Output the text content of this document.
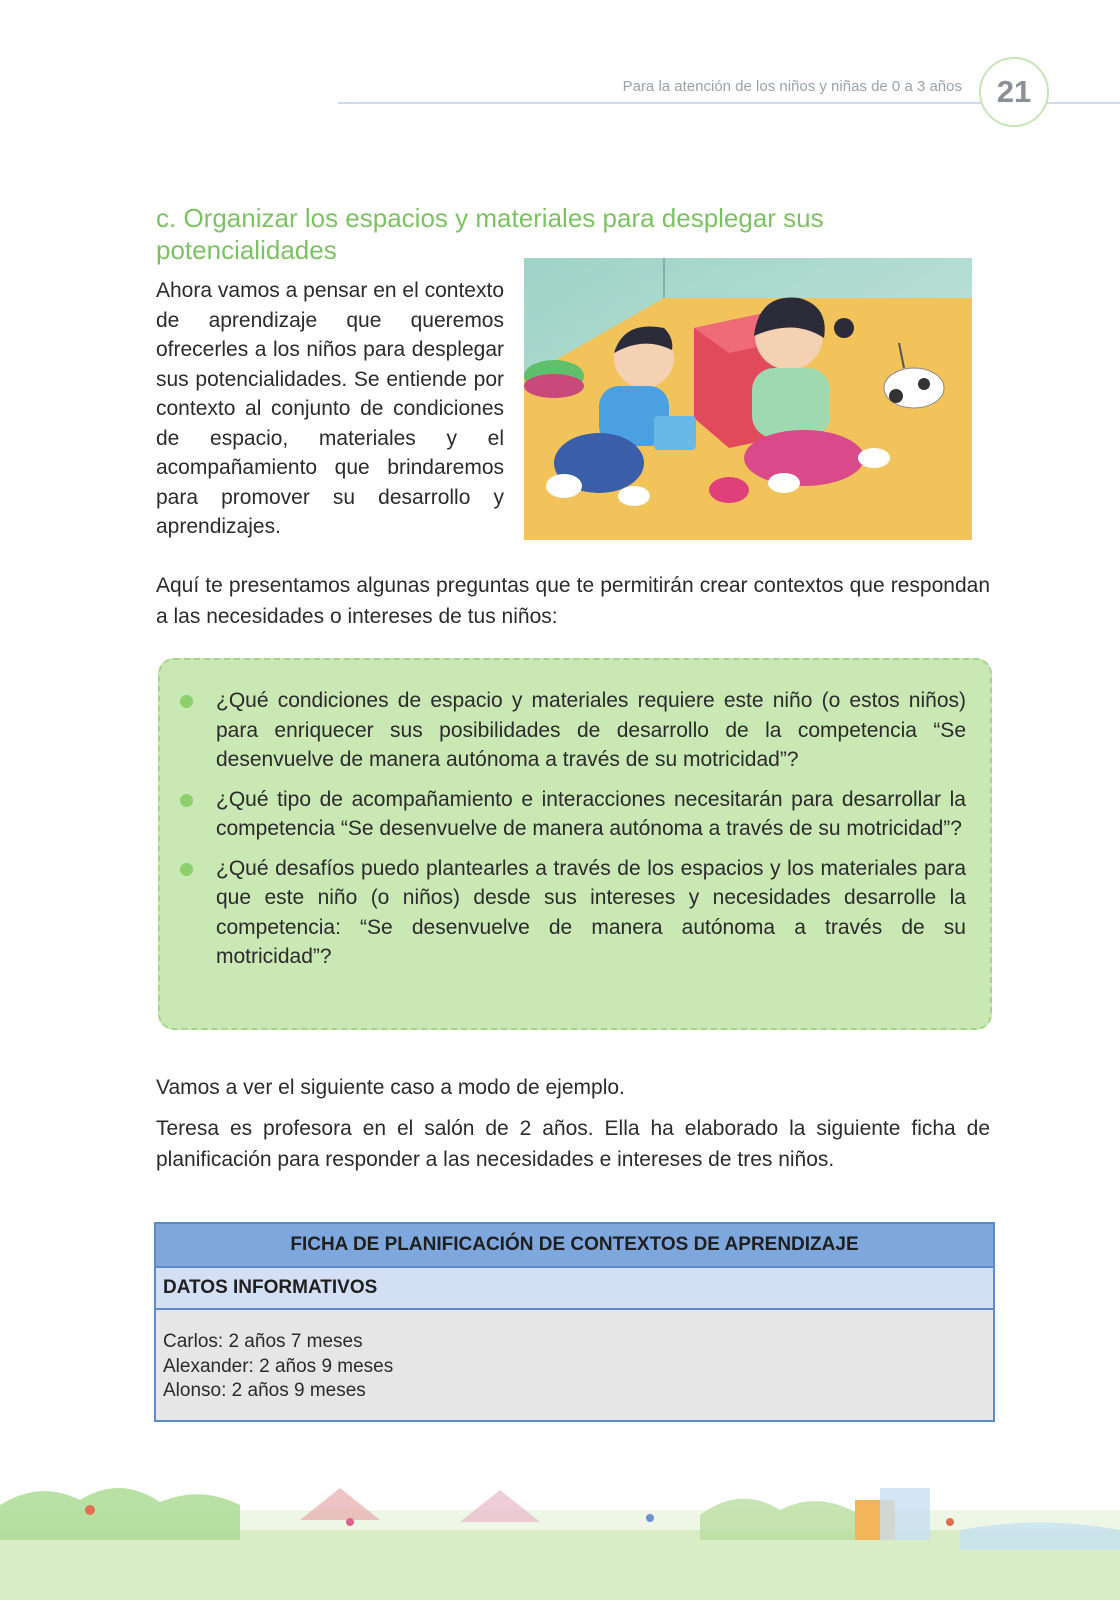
Para la atención de los niños y niñas de 0 a 3 años	21
c. Organizar los espacios y materiales para desplegar sus potencialidades

Ahora vamos a pensar en el contexto de aprendizaje que queremos ofrecerles a los niños para desplegar sus potencialidades. Se entiende por contexto al conjunto de condiciones de espacio, materiales y el acompañamiento que brindaremos para promover su desarrollo y aprendizajes.

Aquí te presentamos algunas preguntas que te permitirán crear contextos que respondan a las necesidades o intereses de tus niños:

¿Qué condiciones de espacio y materiales requiere este niño (o estos niños) para enriquecer sus posibilidades de desarrollo de la competencia “Se desenvuelve de manera autónoma a través de su motricidad”?
¿Qué tipo de acompañamiento e interacciones necesitarán para desarrollar la competencia “Se desenvuelve de manera autónoma a través de su motricidad”?
¿Qué desafíos puedo plantearles a través de los espacios y los materiales para que este niño (o niños) desde sus intereses y necesidades desarrolle la competencia: “Se desenvuelve de manera autónoma a través de su motricidad”?

Vamos a ver el siguiente caso a modo de ejemplo.

Teresa es profesora en el salón de 2 años. Ella ha elaborado la siguiente ficha de planificación para responder a las necesidades e intereses de tres niños.

FICHA DE PLANIFICACIÓN DE CONTEXTOS DE APRENDIZAJE
DATOS INFORMATIVOS
Carlos: 2 años 7 meses
Alexander: 2 años 9 meses
Alonso: 2 años 9 meses
